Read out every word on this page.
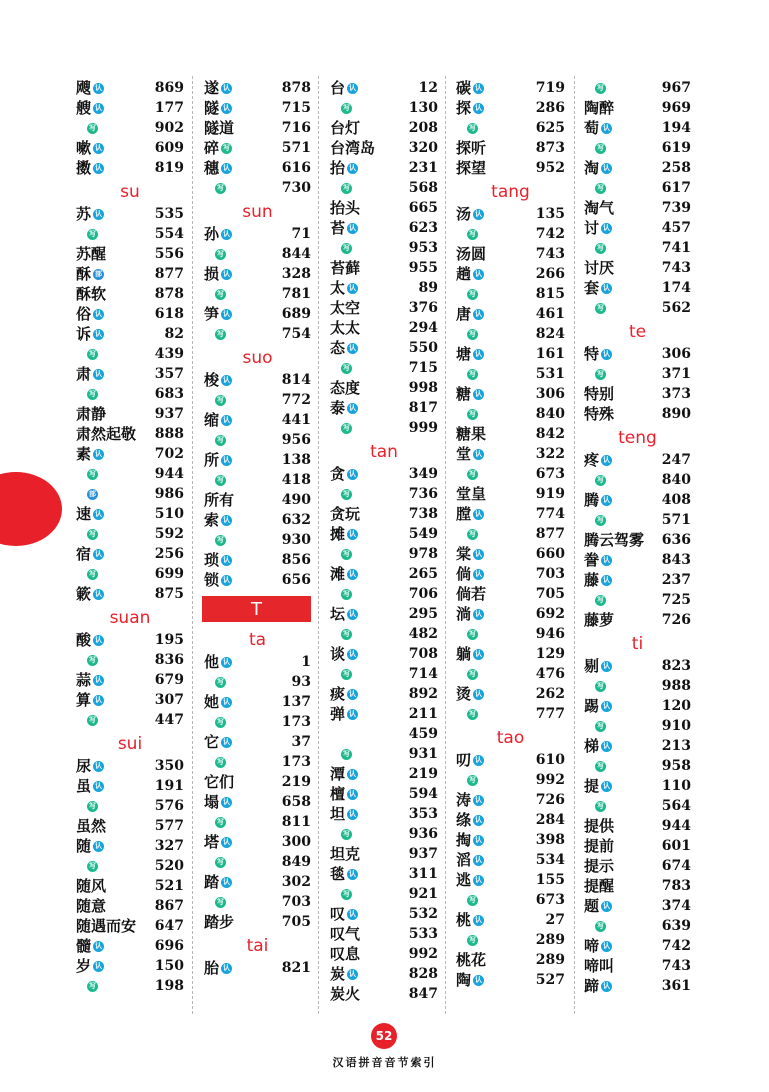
飕 认	869
艘 认	177
写	902
嗽 认	609
擞 认	819
su
苏 认	535
写	554
苏醒	556
酥 部	877
酥软	878
俗 认	618
诉 认	82
写	439
肃 认	357
写	683
肃静	937
肃然起敬 888
素 认	702
写	944
部	986
速 认	510
写	592
宿 认	256
写	699
簌 认	875
suan
酸 认	195
写	836
蒜 认	679
算 认	307
写	447
sui
尿 认	350
虽 认	191
写	576
虽然	577
随 认	327
写	520
随风	521
随意	867
随遇而安 647
髓 认	696
岁 认	150
写	198
遂 认	878
隧 认	715
隧道	716
碎 写	571
穗 认	616
写	730
sun
孙 认	71
写	844
损 认	328
写	781
笋 认	689
写	754
suo
梭 认	814
写	772
缩 认	441
写	956
所 认	138
写	418
所有	490
索 认	632
写	930
琐 认	856
锁 认	656
T
ta
他 认	1
写	93
她 认	137
写	173
它 认	37
写	173
它们	219
塌 认	658
写	811
塔 认	300
写	849
踏 认	302
写	703
踏步	705
tai
胎 认	821
台 认	12
写	130
台灯	208
台湾岛 320
抬 认	231
写	568
抬头	665
苔 认	623
写	953
苔藓	955
太 认	89
太空	376
太太	294
态 认	550
写	715
态度	998
泰 认	817
写	999
tan
贪 认	349
写	736
贪玩	738
摊 认	549
写	978
滩 认	265
写	706
坛 认	295
写	482
谈 认	708
写	714
痰 认	892
弹 认	211
459
写	931
潭 认	219
檀 认	594
坦 认	353
写	936
坦克	937
毯 认	311
写	921
叹 认	532
叹气	533
叹息	992
炭 认	828
炭火	847
碳 认	719
探 认	286
写	625
探听	873
探望	952
tang
汤 认	135
写	742
汤圆	743
趟 认	266
写	815
唐 认	461
写	824
塘 认	161
写	531
糖 认	306
写	840
糖果	842
堂 认	322
写	673
堂皇	919
膛 认	774
写	877
棠 认	660
倘 认	703
倘若	705
淌 认	692
写	946
躺 认	129
写	476
烫 认	262
写	777
tao
叨 认	610
写	992
涛 认	726
绦 认	284
掏 认	398
滔 认	534
逃 认	155
写	673
桃 认	27
写	289
桃花	289
陶 认	527
写	967
陶醉	969
萄 认	194
写	619
淘 认	258
写	617
淘气	739
讨 认	457
写	741
讨厌	743
套 认	174
写	562
te
特 认	306
写	371
特别	373
特殊	890
teng
疼 认	247
写	840
腾 认	408
写	571
腾云驾雾 636
誊 认	843
藤 认	237
写	725
藤萝	726
ti
剔 认	823
写	988
踢 认	120
写	910
梯 认	213
写	958
提 认	110
写	564
提供	944
提前	601
提示	674
提醒	783
题 认	374
写	639
啼 认	742
啼叫	743
蹄 认	361
52
汉语拼音音节索引
